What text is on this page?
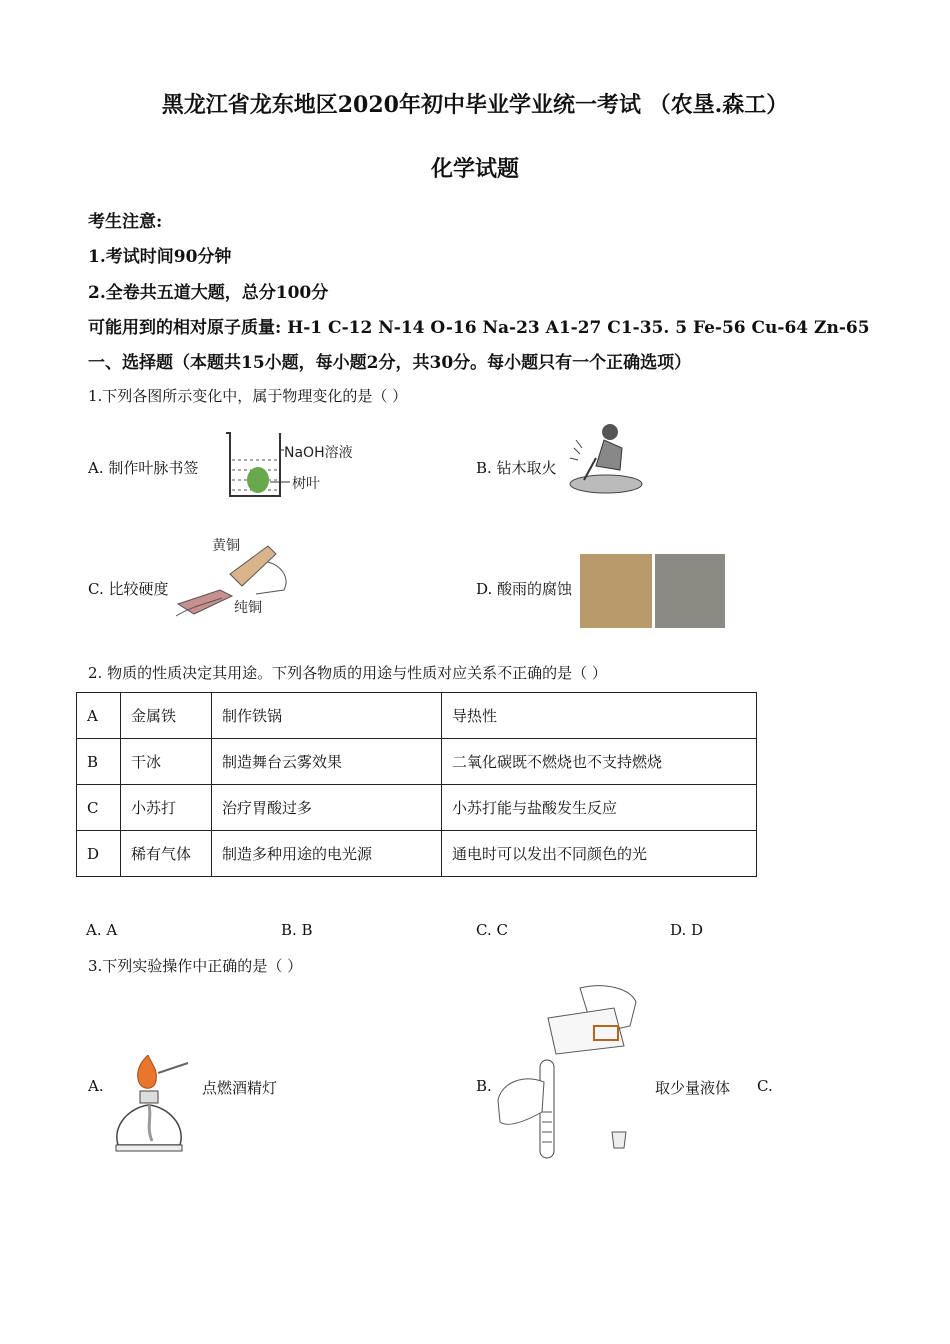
黑龙江省龙东地区2020年初中毕业学业统一考试 （农垦.森工）
化学试题
考生注意:
1.考试时间90分钟
2.全卷共五道大题，总分100分
可能用到的相对原子质量: H-1 C-12 N-14 O-16 Na-23 A1-27 C1-35. 5 Fe-56 Cu-64 Zn-65
一、选择题（本题共15小题，每小题2分，共30分。每小题只有一个正确选项）
1.下列各图所示变化中，属于物理变化的是（ ）
A. 制作叶脉书签
NaOH溶液
树叶
B. 钻木取火
C. 比较硬度
黄铜
纯铜
D. 酸雨的腐蚀
2. 物质的性质决定其用途。下列各物质的用途与性质对应关系不正确的是（ ）
A	金属铁	制作铁锅	导热性
B	干冰	制造舞台云雾效果	二氧化碳既不燃烧也不支持燃烧
C	小苏打	治疗胃酸过多	小苏打能与盐酸发生反应
D	稀有气体	制造多种用途的电光源	通电时可以发出不同颜色的光
A. A	B. B	C. C	D. D
3.下列实验操作中正确的是（ ）
A.	点燃酒精灯	B.	取少量液体 C.
